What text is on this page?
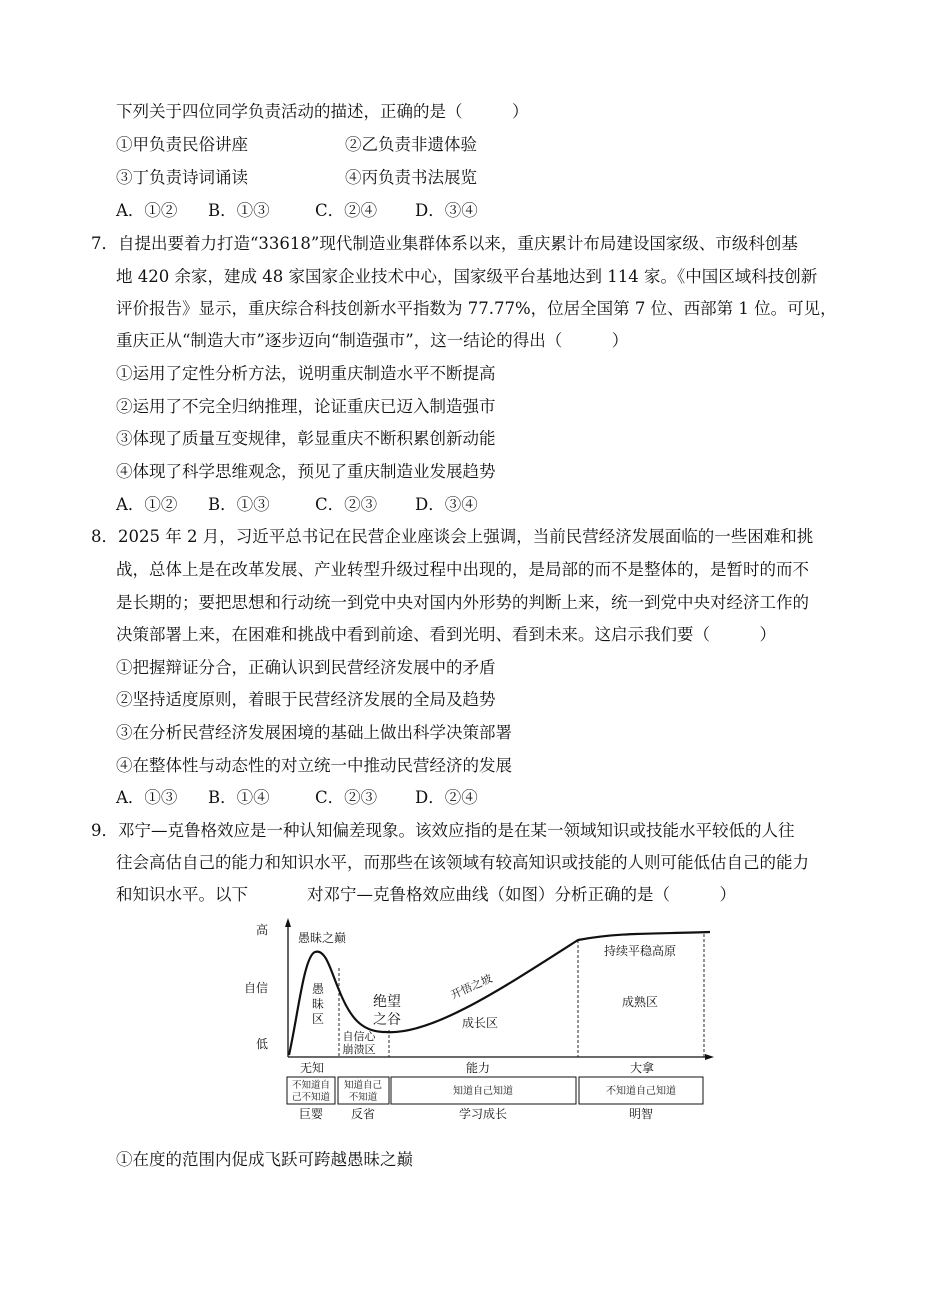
下列关于四位同学负责活动的描述，正确的是（　　　）
①甲负责民俗讲座	②乙负责非遗体验
③丁负责诗词诵读	④丙负责书法展览
A．①② B．①③	C．②④ D．③④
7．自提出要着力打造“33618”现代制造业集群体系以来，重庆累计布局建设国家级、市级科创基
地 420 余家，建成 48 家国家企业技术中心，国家级平台基地达到 114 家。《中国区域科技创新
评价报告》显示，重庆综合科技创新水平指数为 77.77%，位居全国第 7 位、西部第 1 位。可见，
重庆正从“制造大市”逐步迈向“制造强市”，这一结论的得出（　　　）
①运用了定性分析方法，说明重庆制造水平不断提高
②运用了不完全归纳推理，论证重庆已迈入制造强市
③体现了质量互变规律，彰显重庆不断积累创新动能
④体现了科学思维观念，预见了重庆制造业发展趋势
A．①② B．①③	C．②③ D．③④
8．2025 年 2 月，习近平总书记在民营企业座谈会上强调，当前民营经济发展面临的一些困难和挑
战，总体上是在改革发展、产业转型升级过程中出现的，是局部的而不是整体的，是暂时的而不
是长期的；要把思想和行动统一到党中央对国内外形势的判断上来，统一到党中央对经济工作的
决策部署上来，在困难和挑战中看到前途、看到光明、看到未来。这启示我们要（　　　）
①把握辩证分合，正确认识到民营经济发展中的矛盾
②坚持适度原则，着眼于民营经济发展的全局及趋势
③在分析民营经济发展困境的基础上做出科学决策部署
④在整体性与动态性的对立统一中推动民营经济的发展
A．①③ B．①④	C．②③ D．②④
9．邓宁—克鲁格效应是一种认知偏差现象。该效应指的是在某一领域知识或技能水平较低的人往
往会高估自己的能力和知识水平，而那些在该领域有较高知识或技能的人则可能低估自己的能力
和知识水平。以下	对邓宁—克鲁格效应曲线（如图）分析正确的是（　　　）
高
自信
低
愚昧之巅
愚
昧
区
绝望
之谷
自信心
崩溃区
开悟之坡
成长区
持续平稳高原
成熟区
无知	能力	大拿
不知道自
己不知道
知道自己
不知道
知道自己知道	不知道自己知道
巨婴 反省	学习成长	明智
①在度的范围内促成飞跃可跨越愚昧之巅
